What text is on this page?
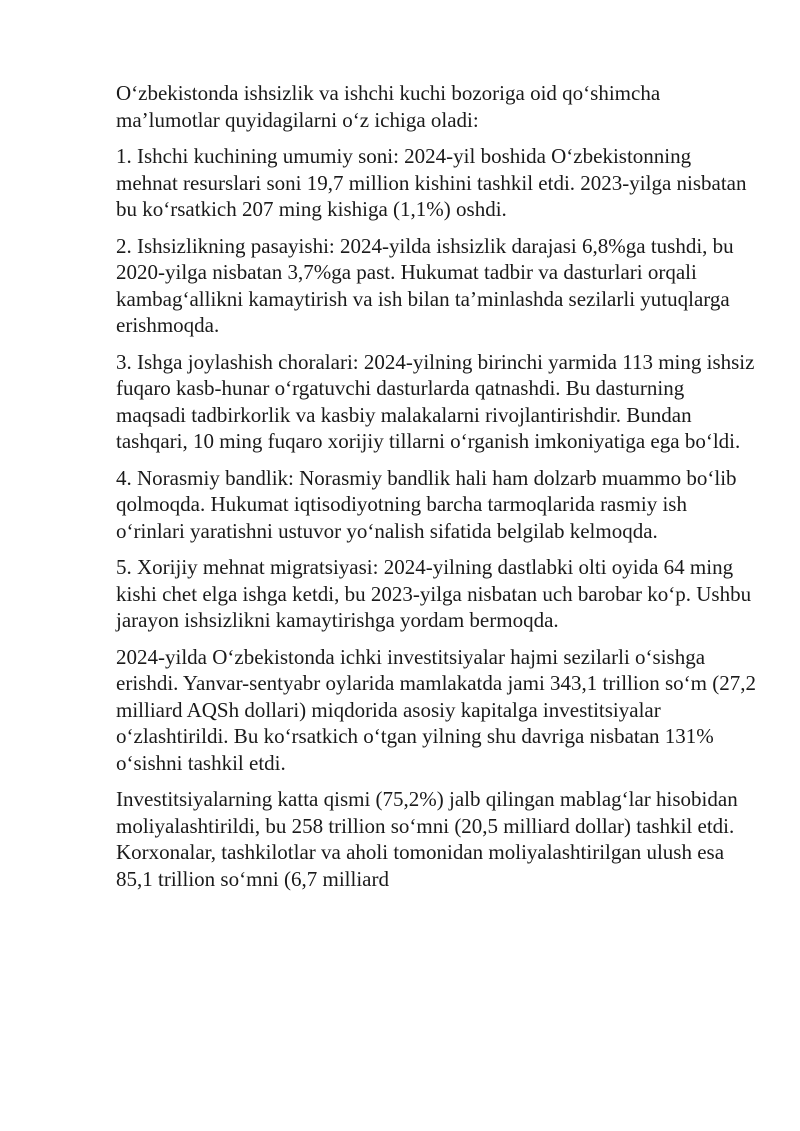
O‘zbekistonda ishsizlik va ishchi kuchi bozoriga oid qo‘shimcha ma’lumotlar quyidagilarni o‘z ichiga oladi:

1. Ishchi kuchining umumiy soni: 2024-yil boshida O‘zbekistonning mehnat resurslari soni 19,7 million kishini tashkil etdi. 2023-yilga nisbatan bu ko‘rsatkich 207 ming kishiga (1,1%) oshdi.

2. Ishsizlikning pasayishi: 2024-yilda ishsizlik darajasi 6,8%ga tushdi, bu 2020-yilga nisbatan 3,7%ga past. Hukumat tadbir va dasturlari orqali kambag‘allikni kamaytirish va ish bilan ta’minlashda sezilarli yutuqlarga erishmoqda.

3. Ishga joylashish choralari: 2024-yilning birinchi yarmida 113 ming ishsiz fuqaro kasb-hunar o‘rgatuvchi dasturlarda qatnashdi. Bu dasturning maqsadi tadbirkorlik va kasbiy malakalarni rivojlantirishdir. Bundan tashqari, 10 ming fuqaro xorijiy tillarni o‘rganish imkoniyatiga ega bo‘ldi.

4. Norasmiy bandlik: Norasmiy bandlik hali ham dolzarb muammo bo‘lib qolmoqda. Hukumat iqtisodiyotning barcha tarmoqlarida rasmiy ish o‘rinlari yaratishni ustuvor yo‘nalish sifatida belgilab kelmoqda.

5. Xorijiy mehnat migratsiyasi: 2024-yilning dastlabki olti oyida 64 ming kishi chet elga ishga ketdi, bu 2023-yilga nisbatan uch barobar ko‘p. Ushbu jarayon ishsizlikni kamaytirishga yordam bermoqda.

2024-yilda O‘zbekistonda ichki investitsiyalar hajmi sezilarli o‘sishga erishdi. Yanvar-sentyabr oylarida mamlakatda jami 343,1 trillion so‘m (27,2 milliard AQSh dollari) miqdorida asosiy kapitalga investitsiyalar o‘zlashtirildi. Bu ko‘rsatkich o‘tgan yilning shu davriga nisbatan 131% o‘sishni tashkil etdi.

Investitsiyalarning katta qismi (75,2%) jalb qilingan mablag‘lar hisobidan moliyalashtirildi, bu 258 trillion so‘mni (20,5 milliard dollar) tashkil etdi. Korxonalar, tashkilotlar va aholi tomonidan moliyalashtirilgan ulush esa 85,1 trillion so‘mni (6,7 milliard
